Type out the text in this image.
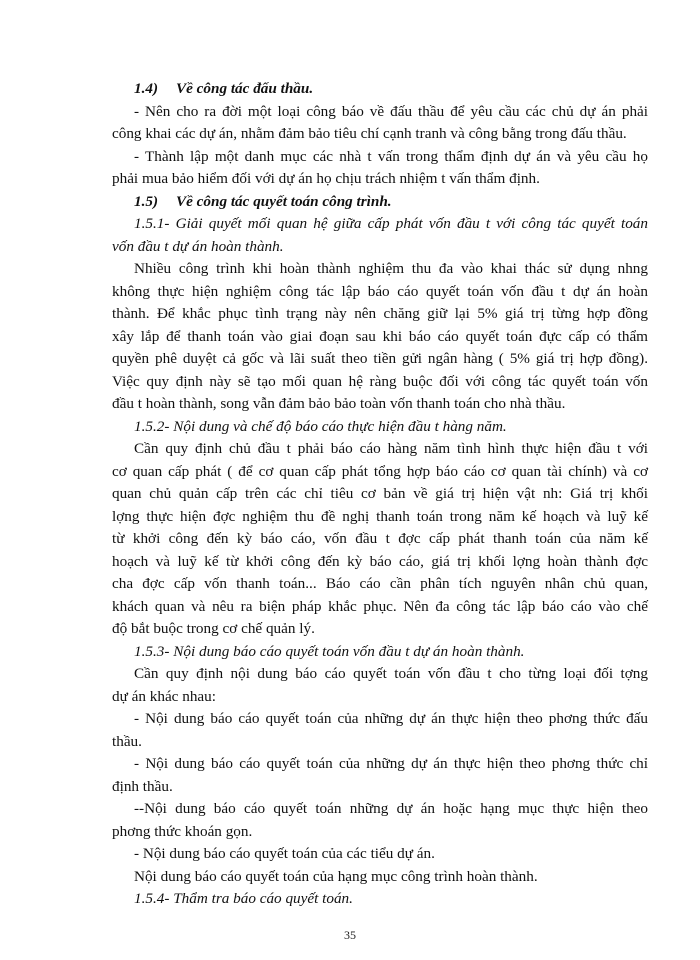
1.4) Về công tác đấu thầu.
- Nên cho ra đời một loại công báo về đấu thầu để yêu cầu các chủ dự án phải
công khai các dự án, nhằm đảm bảo tiêu chí cạnh tranh và công bằng trong đấu thầu.
- Thành lập một danh mục các nhà t vấn trong thẩm định dự án và yêu cầu họ
phải mua bảo hiểm đối với dự án họ chịu trách nhiệm t vấn thẩm định.
1.5) Về công tác quyết toán công trình.
1.5.1- Giải quyết mối quan hệ giữa cấp phát vốn đầu t với công tác quyết toán
vốn đầu t dự án hoàn thành.
Nhiều công trình khi hoàn thành nghiệm thu đa vào khai thác sử dụng nhng
không thực hiện nghiệm công tác lập báo cáo quyết toán vốn đầu t dự án hoàn
thành. Để khắc phục tình trạng này nên chăng giữ lại 5% giá trị từng hợp đồng
xây lắp để thanh toán vào giai đoạn sau khi báo cáo quyết toán đực cấp có thẩm
quyền phê duyệt cả gốc và lãi suất theo tiền gửi ngân hàng ( 5% giá trị hợp đồng).
Việc quy định này sẽ tạo mối quan hệ ràng buộc đối với công tác quyết toán vốn
đầu t hoàn thành, song vẫn đảm bảo bảo toàn vốn thanh toán cho nhà thầu.
1.5.2- Nội dung và chế độ báo cáo thực hiện đầu t hàng năm.
Cần quy định chủ đầu t phải báo cáo hàng năm tình hình thực hiện đầu t với
cơ quan cấp phát ( để cơ quan cấp phát tổng hợp báo cáo cơ quan tài chính) và cơ
quan chủ quản cấp trên các chỉ tiêu cơ bản về giá trị hiện vật nh: Giá trị khối
lợng thực hiện đợc nghiệm thu đề nghị thanh toán trong năm kế hoạch và luỹ kế
từ khởi công đến kỳ báo cáo, vốn đầu t đợc cấp phát thanh toán của năm kế
hoạch và luỹ kế từ khởi công đến kỳ báo cáo, giá trị khối lợng hoàn thành đợc
cha đợc cấp vốn thanh toán... Báo cáo cần phân tích nguyên nhân chủ quan,
khách quan và nêu ra biện pháp khắc phục. Nên đa công tác lập báo cáo vào chế
độ bắt buộc trong cơ chế quản lý.
1.5.3- Nội dung báo cáo quyết toán vốn đầu t dự án hoàn thành.
Cần quy định nội dung báo cáo quyết toán vốn đầu t cho từng loại đối tợng
dự án khác nhau:
- Nội dung báo cáo quyết toán của những dự án thực hiện theo phơng thức đấu
thầu.
- Nội dung báo cáo quyết toán của những dự án thực hiện theo phơng thức chỉ
định thầu.
--Nội dung báo cáo quyết toán những dự án hoặc hạng mục thực hiện theo
phơng thức khoán gọn.
- Nội dung báo cáo quyết toán của các tiểu dự án.
Nội dung báo cáo quyết toán của hạng mục công trình hoàn thành.
1.5.4- Thẩm tra báo cáo quyết toán.
35
